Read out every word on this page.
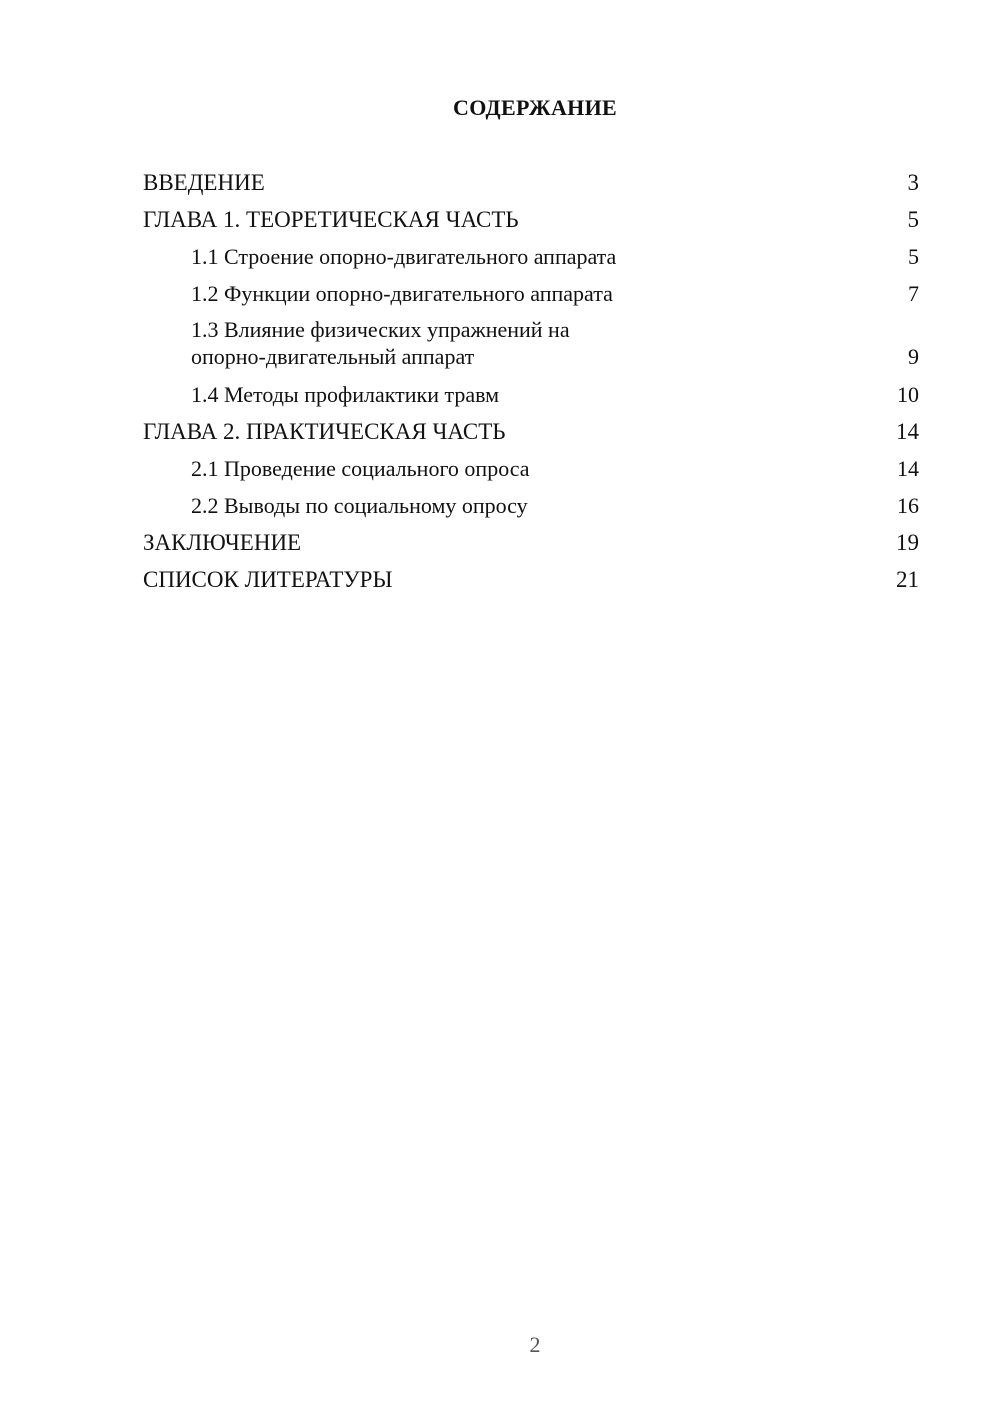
СОДЕРЖАНИЕ
ВВЕДЕНИЕ	3
ГЛАВА 1. ТЕОРЕТИЧЕСКАЯ ЧАСТЬ	5
1.1 Строение опорно-двигательного аппарата	5
1.2 Функции опорно-двигательного аппарата	7
1.3 Влияние физических упражнений на опорно-двигательный аппарат	9
1.4 Методы профилактики травм	10
ГЛАВА 2. ПРАКТИЧЕСКАЯ ЧАСТЬ	14
2.1 Проведение социального опроса	14
2.2 Выводы по социальному опросу	16
ЗАКЛЮЧЕНИЕ	19
СПИСОК ЛИТЕРАТУРЫ	21
2
